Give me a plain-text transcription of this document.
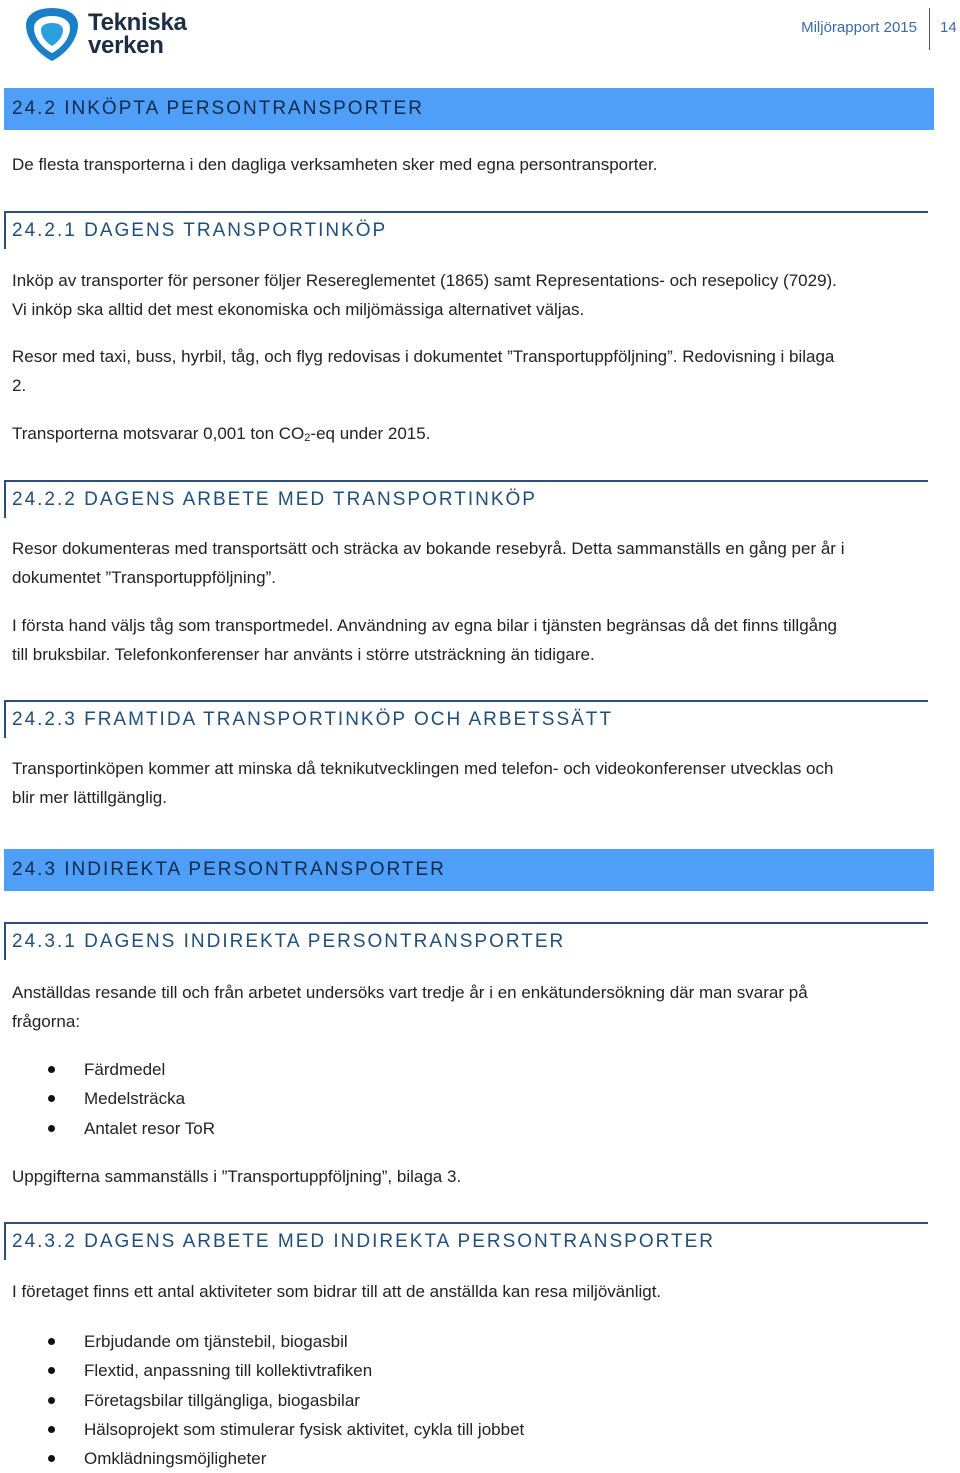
Tekniska
verken
Miljörapport 2015 14
24.2 INKÖPTA PERSONTRANSPORTER
De flesta transporterna i den dagliga verksamheten sker med egna persontransporter.
24.2.1 DAGENS TRANSPORTINKÖP
Inköp av transporter för personer följer Resereglementet (1865) samt Representations- och resepolicy (7029).
Vi inköp ska alltid det mest ekonomiska och miljömässiga alternativet väljas.
Resor med taxi, buss, hyrbil, tåg, och flyg redovisas i dokumentet ”Transportuppföljning”. Redovisning i bilaga
2.
Transporterna motsvarar 0,001 ton $CO_2-eq$ under 2015.
24.2.2 DAGENS ARBETE MED TRANSPORTINKÖP
Resor dokumenteras med transportsätt och sträcka av bokande resebyrå. Detta sammanställs en gång per år i
dokumentet ”Transportuppföljning”.
I första hand väljs tåg som transportmedel. Användning av egna bilar i tjänsten begränsas då det finns tillgång
till bruksbilar. Telefonkonferenser har använts i större utsträckning än tidigare.
24.2.3 FRAMTIDA TRANSPORTINKÖP OCH ARBETSSÄTT
Transportinköpen kommer att minska då teknikutvecklingen med telefon- och videokonferenser utvecklas och
blir mer lättillgänglig.
24.3 INDIREKTA PERSONTRANSPORTER
24.3.1 DAGENS INDIREKTA PERSONTRANSPORTER
Anställdas resande till och från arbetet undersöks vart tredje år i en enkätundersökning där man svarar på
frågorna:
Färdmedel
Medelsträcka
Antalet resor ToR
Uppgifterna sammanställs i ”Transportuppföljning”, bilaga 3.
24.3.2 DAGENS ARBETE MED INDIREKTA PERSONTRANSPORTER
I företaget finns ett antal aktiviteter som bidrar till att de anställda kan resa miljövänligt.
Erbjudande om tjänstebil, biogasbil
Flextid, anpassning till kollektivtrafiken
Företagsbilar tillgängliga, biogasbilar
Hälsoprojekt som stimulerar fysisk aktivitet, cykla till jobbet
Omklädningsmöjligheter
